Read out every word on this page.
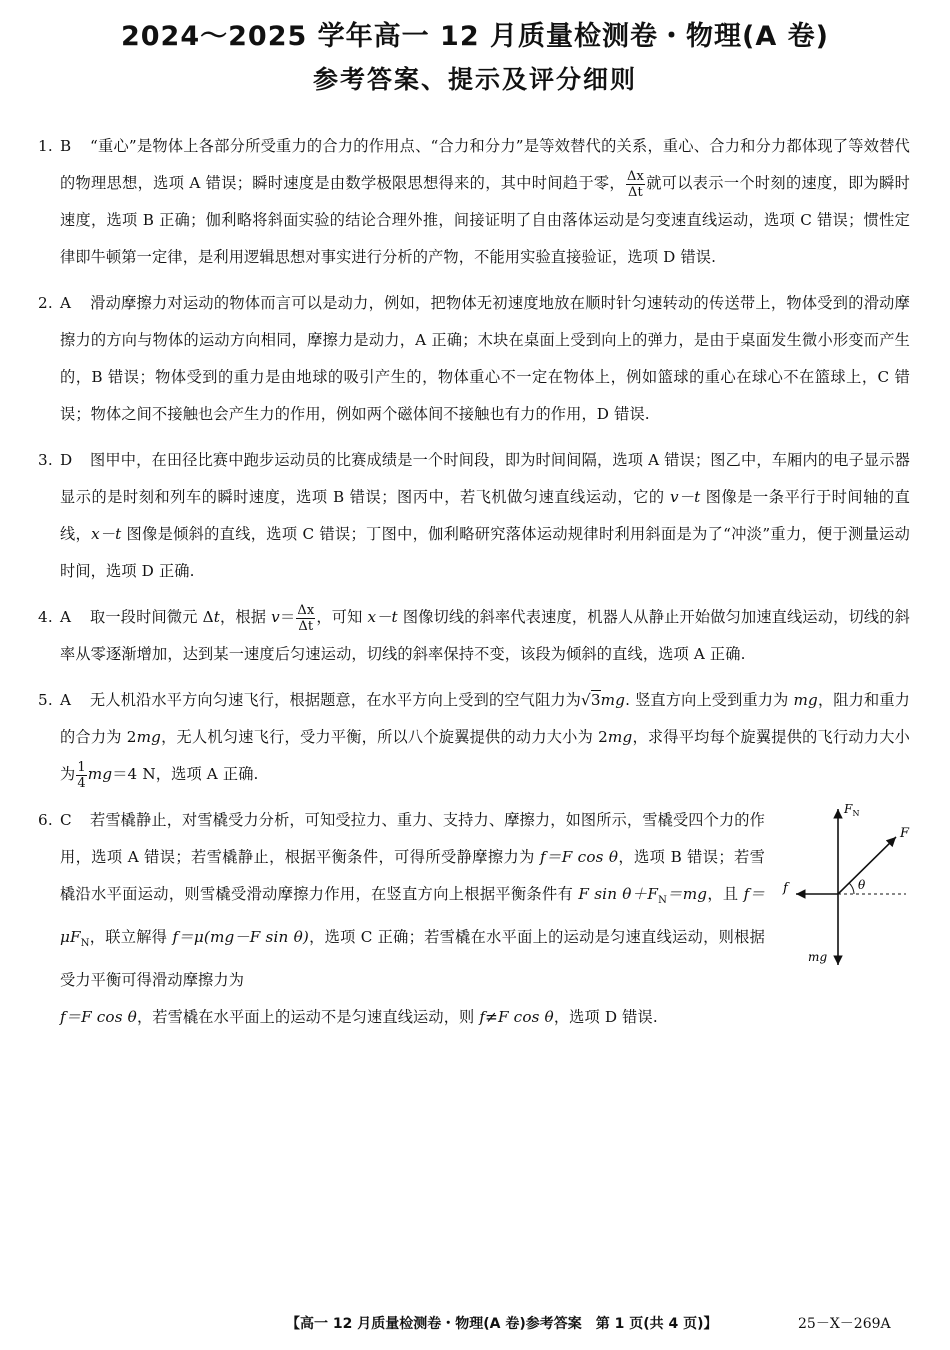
2024～2025 学年高一 12 月质量检测卷・物理(A 卷)
参考答案、提示及评分细则
1. B “重心”是物体上各部分所受重力的合力的作用点、“合力和分力”是等效替代的关系，重心、合力和分力都体现了等效替代的物理思想，选项 A 错误；瞬时速度是由数学极限思想得来的，其中时间趋于零， $\frac{\Delta x}{\Delta t}$ 就可以表示一个时刻的速度，即为瞬时速度，选项 B 正确；伽利略将斜面实验的结论合理外推，间接证明了自由落体运动是匀变速直线运动，选项 C 错误；惯性定律即牛顿第一定律，是利用逻辑思想对事实进行分析的产物，不能用实验直接验证，选项 D 错误.
2. A 滑动摩擦力对运动的物体而言可以是动力，例如，把物体无初速度地放在顺时针匀速转动的传送带上，物体受到的滑动摩擦力的方向与物体的运动方向相同，摩擦力是动力，A 正确；木块在桌面上受到向上的弹力，是由于桌面发生微小形变而产生的，B 错误；物体受到的重力是由地球的吸引产生的，物体重心不一定在物体上，例如篮球的重心在球心不在篮球上，C 错误；物体之间不接触也会产生力的作用，例如两个磁体间不接触也有力的作用，D 错误.
3. D 图甲中，在田径比赛中跑步运动员的比赛成绩是一个时间段，即为时间间隔，选项 A 错误；图乙中，车厢内的电子显示器显示的是时刻和列车的瞬时速度，选项 B 错误；图丙中，若飞机做匀速直线运动，它的 v－t 图像是一条平行于时间轴的直线，x－t 图像是倾斜的直线，选项 C 错误；丁图中，伽利略研究落体运动规律时利用斜面是为了“冲淡”重力，便于测量运动时间，选项 D 正确.
4. A 取一段时间微元 Δt，根据 $v= \frac{\Delta x}{\Delta t}$ ，可知 x－t 图像切线的斜率代表速度，机器人从静止开始做匀加速直线运动，切线的斜率从零逐渐增加，达到某一速度后匀速运动，切线的斜率保持不变，该段为倾斜的直线，选项 A 正确.
5. A 无人机沿水平方向匀速飞行，根据题意，在水平方向上受到的空气阻力为√3mg. 竖直方向上受到重力为 mg，阻力和重力的合力为 2mg，无人机匀速飞行，受力平衡，所以八个旋翼提供的动力大小为 2mg，求得平均每个旋翼提供的飞行动力大小为 $\frac{1}{4} mg=4$ N，选项 A 正确.
$F_N$
F
θ
f
mg
6. C 若雪橇静止，对雪橇受力分析，可知受拉力、重力、支持力、摩擦力，如图所示，雪橇受四个力的作用，选项 A 错误；若雪橇静止，根据平衡条件，可得所受静摩擦力为 f＝F cos θ，选项 B 错误；若雪橇沿水平面运动，则雪橇受滑动摩擦力作用，在竖直方向上根据平衡条件有 F $\sin \theta+F_N=mg$，且 $f=\mu F_N$，联立解得 f＝μ(mg－F sin θ)，选项 C 正确；若雪橇在水平面上的运动是匀速直线运动，则根据受力平衡可得滑动摩擦力为
f＝F cos θ，若雪橇在水平面上的运动不是匀速直线运动，则 f≠F cos θ，选项 D 错误.
【高一 12 月质量检测卷・物理(A 卷)参考答案　第 1 页(共 4 页)】	25－X－269A
